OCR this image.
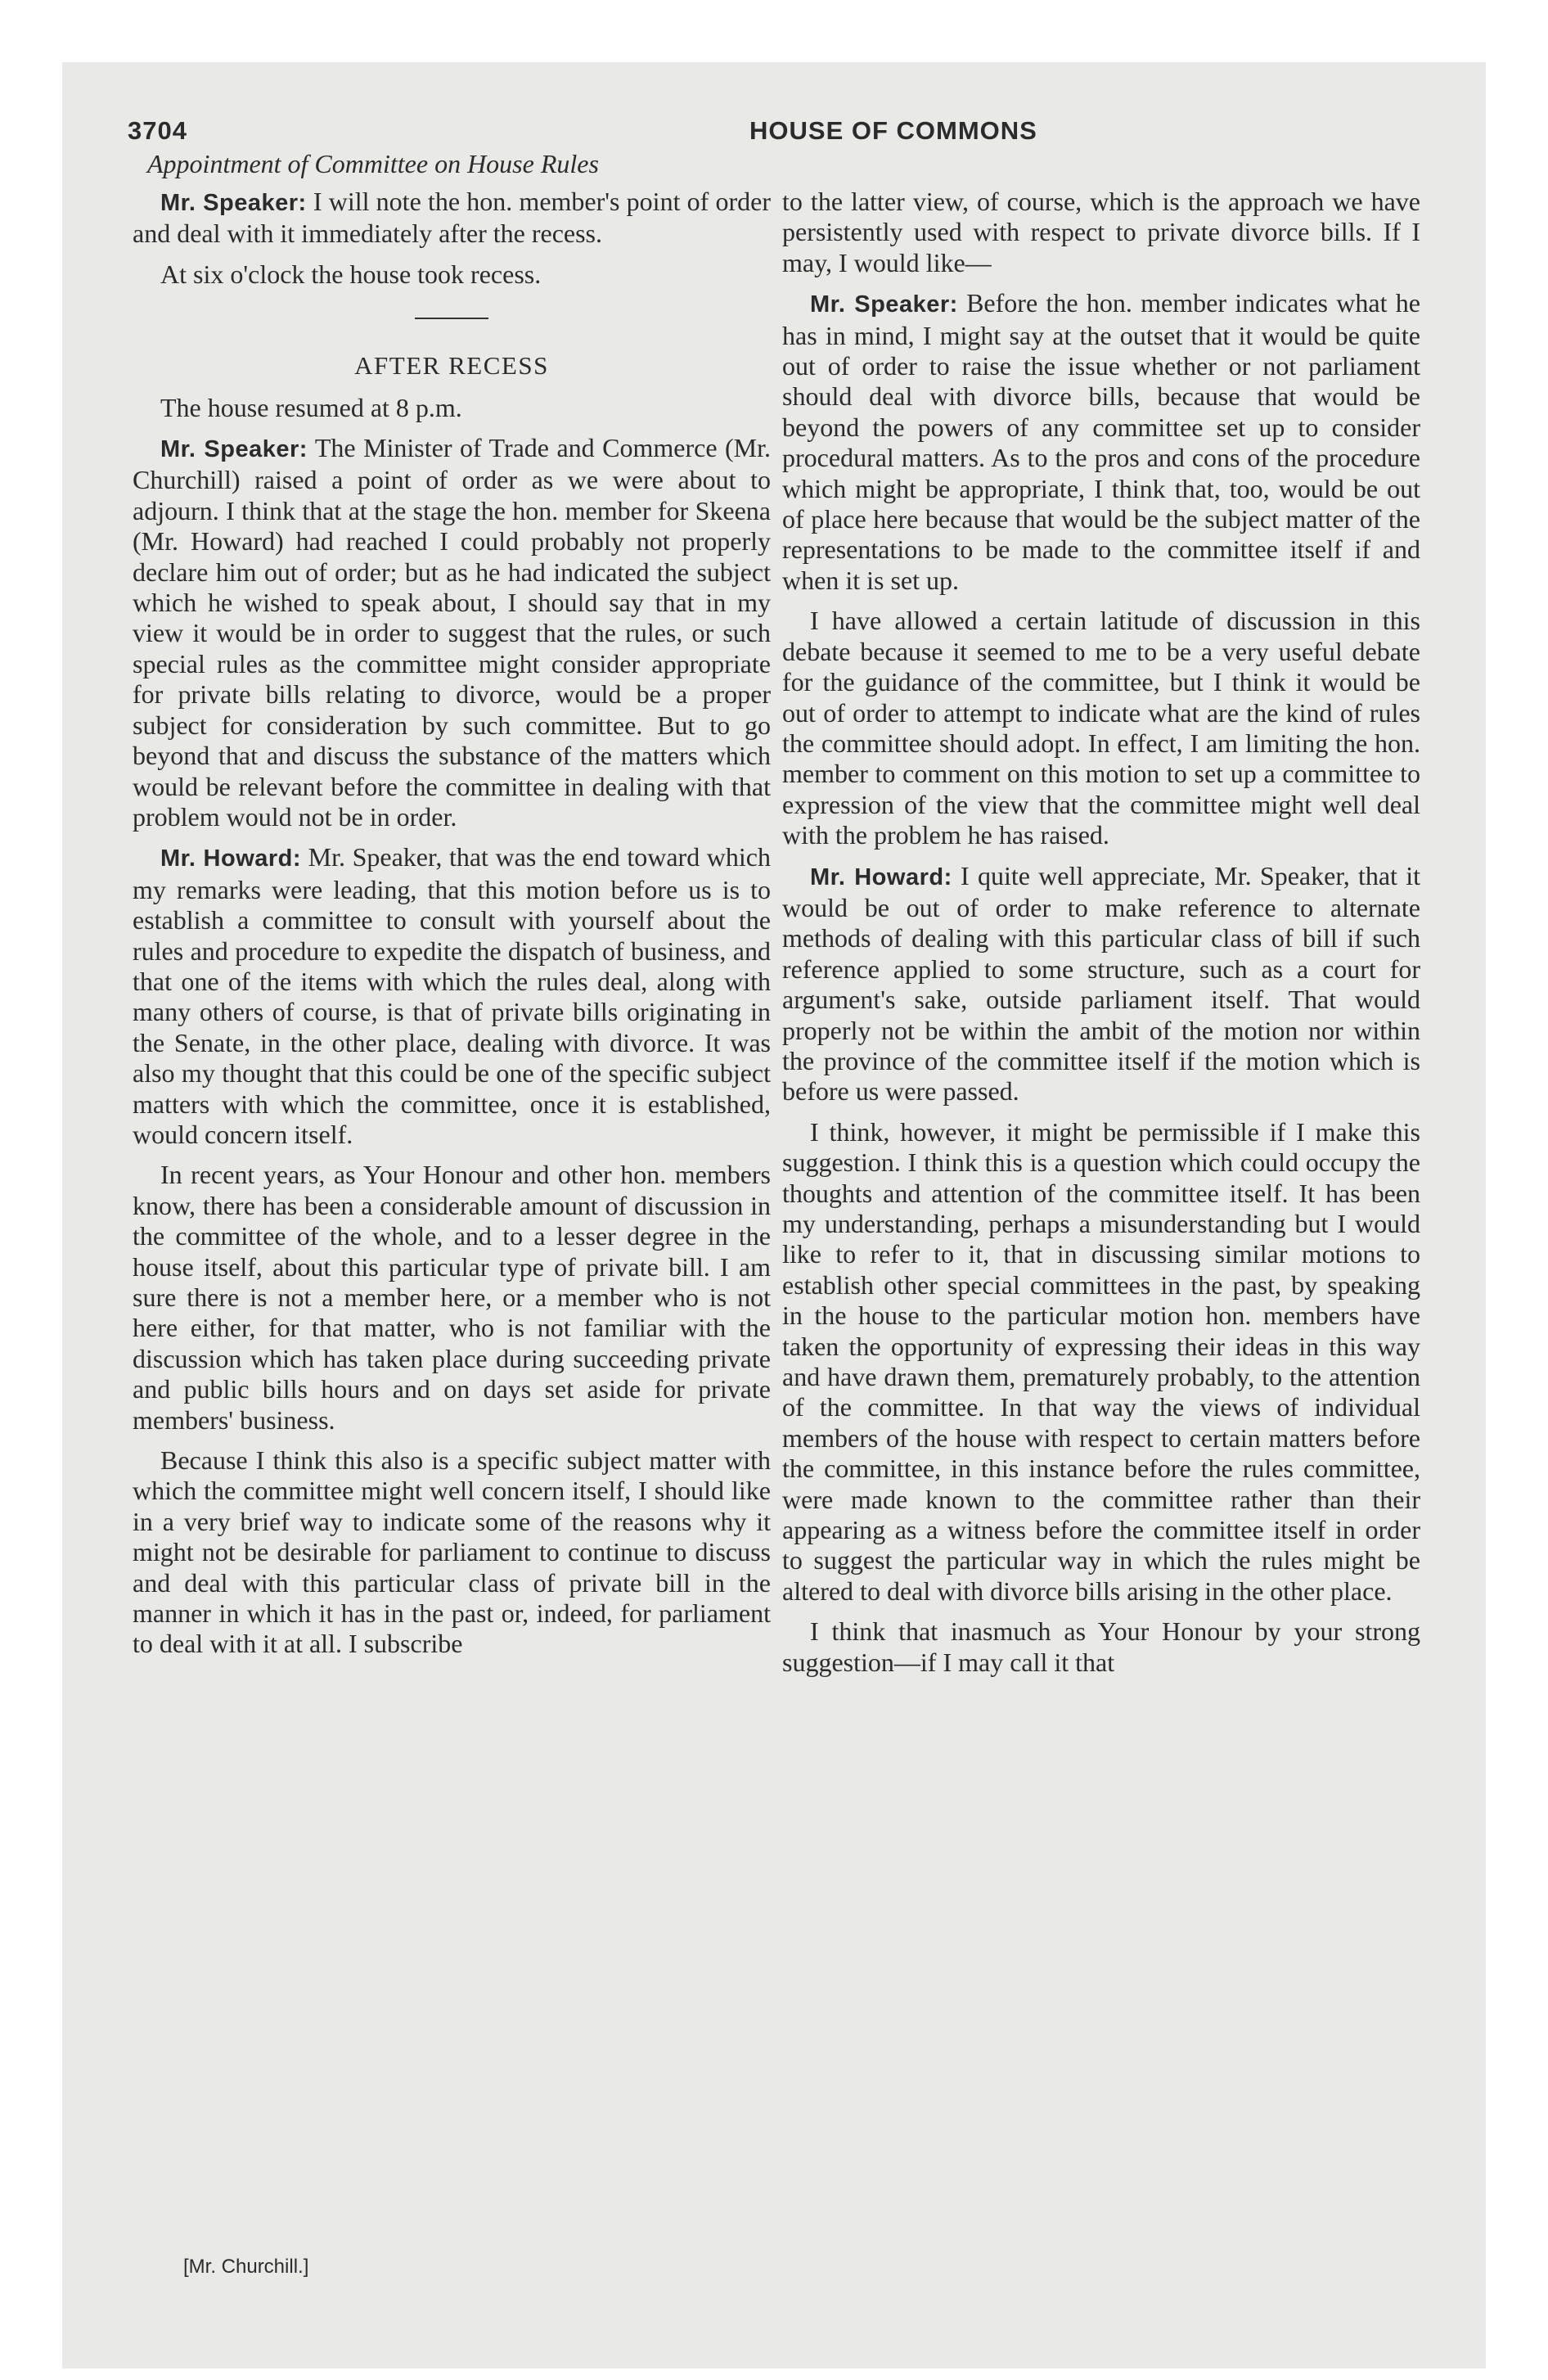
3704	HOUSE OF COMMONS
Appointment of Committee on House Rules

Mr. Speaker: I will note the hon. member's point of order and deal with it immediately after the recess.

At six o'clock the house took recess.

AFTER RECESS

The house resumed at 8 p.m.

Mr. Speaker: The Minister of Trade and Commerce (Mr. Churchill) raised a point of order as we were about to adjourn. I think that at the stage the hon. member for Skeena (Mr. Howard) had reached I could probably not properly declare him out of order; but as he had indicated the subject which he wished to speak about, I should say that in my view it would be in order to suggest that the rules, or such special rules as the committee might consider appropriate for private bills relating to divorce, would be a proper subject for consideration by such committee. But to go beyond that and discuss the substance of the matters which would be relevant before the committee in dealing with that problem would not be in order.

Mr. Howard: Mr. Speaker, that was the end toward which my remarks were leading, that this motion before us is to establish a committee to consult with yourself about the rules and procedure to expedite the dispatch of business, and that one of the items with which the rules deal, along with many others of course, is that of private bills originating in the Senate, in the other place, dealing with divorce. It was also my thought that this could be one of the specific subject matters with which the committee, once it is established, would concern itself.

In recent years, as Your Honour and other hon. members know, there has been a considerable amount of discussion in the committee of the whole, and to a lesser degree in the house itself, about this particular type of private bill. I am sure there is not a member here, or a member who is not here either, for that matter, who is not familiar with the discussion which has taken place during succeeding private and public bills hours and on days set aside for private members' business.

Because I think this also is a specific subject matter with which the committee might well concern itself, I should like in a very brief way to indicate some of the reasons why it might not be desirable for parliament to continue to discuss and deal with this particular class of private bill in the manner in which it has in the past or, indeed, for parliament to deal with it at all. I subscribe

to the latter view, of course, which is the approach we have persistently used with respect to private divorce bills. If I may, I would like—

Mr. Speaker: Before the hon. member indicates what he has in mind, I might say at the outset that it would be quite out of order to raise the issue whether or not parliament should deal with divorce bills, because that would be beyond the powers of any committee set up to consider procedural matters. As to the pros and cons of the procedure which might be appropriate, I think that, too, would be out of place here because that would be the subject matter of the representations to be made to the committee itself if and when it is set up.

I have allowed a certain latitude of discussion in this debate because it seemed to me to be a very useful debate for the guidance of the committee, but I think it would be out of order to attempt to indicate what are the kind of rules the committee should adopt. In effect, I am limiting the hon. member to comment on this motion to set up a committee to expression of the view that the committee might well deal with the problem he has raised.

Mr. Howard: I quite well appreciate, Mr. Speaker, that it would be out of order to make reference to alternate methods of dealing with this particular class of bill if such reference applied to some structure, such as a court for argument's sake, outside parliament itself. That would properly not be within the ambit of the motion nor within the province of the committee itself if the motion which is before us were passed.

I think, however, it might be permissible if I make this suggestion. I think this is a question which could occupy the thoughts and attention of the committee itself. It has been my understanding, perhaps a misunderstanding but I would like to refer to it, that in discussing similar motions to establish other special committees in the past, by speaking in the house to the particular motion hon. members have taken the opportunity of expressing their ideas in this way and have drawn them, prematurely probably, to the attention of the committee. In that way the views of individual members of the house with respect to certain matters before the committee, in this instance before the rules committee, were made known to the committee rather than their appearing as a witness before the committee itself in order to suggest the particular way in which the rules might be altered to deal with divorce bills arising in the other place.

I think that inasmuch as Your Honour by your strong suggestion—if I may call it that

[Mr. Churchill.]
